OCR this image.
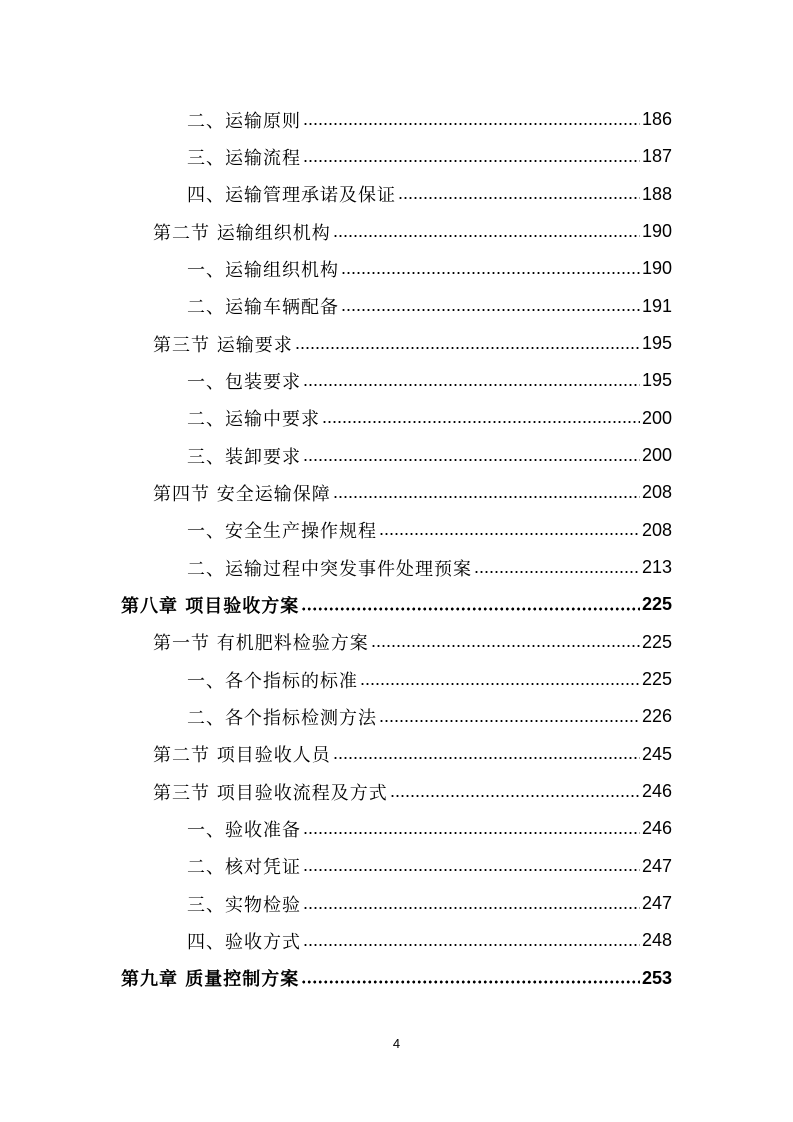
二、运输原则	186
三、运输流程	187
四、运输管理承诺及保证	188
第二节 运输组织机构	190
一、运输组织机构	190
二、运输车辆配备	191
第三节 运输要求	195
一、包装要求	195
二、运输中要求	200
三、装卸要求	200
第四节 安全运输保障	208
一、安全生产操作规程	208
二、运输过程中突发事件处理预案	213
第八章 项目验收方案	225
第一节 有机肥料检验方案	225
一、各个指标的标准	225
二、各个指标检测方法	226
第二节 项目验收人员	245
第三节 项目验收流程及方式	246
一、验收准备	246
二、核对凭证	247
三、实物检验	247
四、验收方式	248
第九章 质量控制方案	253
4
